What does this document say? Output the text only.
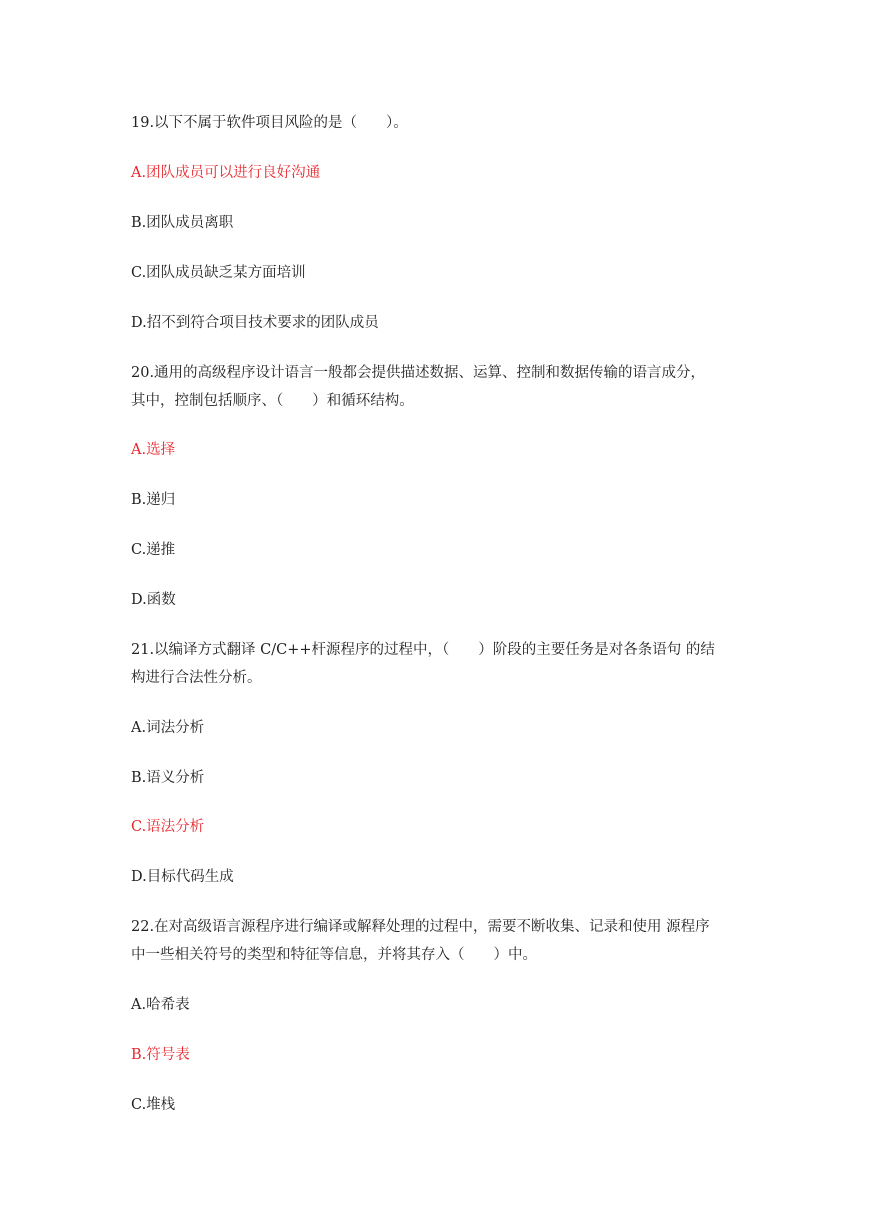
19.以下不属于软件项目风险的是（　　）。
A.团队成员可以进行良好沟通
B.团队成员离职
C.团队成员缺乏某方面培训
D.招不到符合项目技术要求的团队成员
20.通用的高级程序设计语言一般都会提供描述数据、运算、控制和数据传输的语言成分，
其中，控制包括顺序、（　　）和循环结构。
A.选择
B.递归
C.递推
D.函数
21.以编译方式翻译 C/C++杆源程序的过程中，（　　）阶段的主要任务是对各条语句 的结
构进行合法性分析。
A.词法分析
B.语义分析
C.语法分析
D.目标代码生成
22.在对高级语言源程序进行编译或解释处理的过程中，需要不断收集、记录和使用 源程序
中一些相关符号的类型和特征等信息，并将其存入（　　）中。
A.哈希表
B.符号表
C.堆栈
